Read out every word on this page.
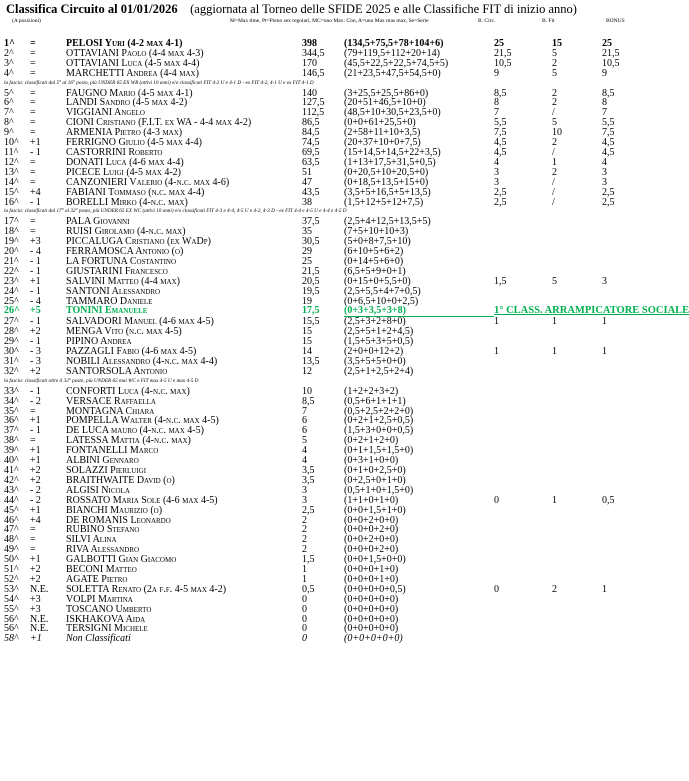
Classifica Circuito al 01/01/2026 (aggiornata al Torneo delle SFIDE 2025 e alle Classifiche FIT di inizio anno)
(A posizioni)	M=Max time, Pt=Pieno sex regolari, MC=uno Max: Con, A=uno Max mas max, Se=Serie	B. Circ.	B. Fit	BONUS
1^	=	PELOSI Yuri (4-2 max 4-1)	398	(134,5+75,5+78+104+6)	25	15	25
2^	=	OTTAVIANI Paolo (4-4 max 4-3)	344,5	(79+119,5+112+20+14)	21,5	5	21,5
3^	=	OTTAVIANI Luca (4-5 max 4-4)	170	(45,5+22,5+22,5+74,5+5)	10,5	2	10,5
4^	=	MARCHETTI Andrea (4-4 max)	146,5	(21+23,5+47,5+54,5+0)	9	5	9
la fascia: classificati dal 5° al 16° posto, più UNDER 65 EX WB (attivi 10 anni) e/o classificati FIT 4-2 U e 4-1 D - ex FIT 4-2, 4-1 U e ex FIT 4-1 D							
5^	=	FAUGNO Mario (4-5 max 4-1)	140	(3+25,5+25,5+86+0)	8,5	2	8,5
6^	=	LANDI Sandro (4-5 max 4-2)	127,5	(20+51+46,5+10+0)	8	2	8
7^	=	VIGGIANI Angelo	112,5	(48,5+10+30,5+23,5+0)	7	/	7
8^	=	CIONI Cristiano (F.I.T. ex WA - 4-4 max 4-2)	86,5	(0+0+61+25,5+0)	5,5	5	5,5
9^	=	ARMENIA Pietro (4-3 max)	84,5	(2+58+11+10+3,5)	7,5	10	7,5
10^	+1	FERRIGNO Giulio (4-5 max 4-4)	74,5	(20+37+10+0+7,5)	4,5	2	4,5
11^	- 1	CASTORRINI Roberto	69,5	(15+14,5+14,5+22+3,5)	4,5	/	4,5
12^	=	DONATI Luca (4-6 max 4-4)	63,5	(1+13+17,5+31,5+0,5)	4	1	4
13^	=	PICECE Luigi (4-5 max 4-2)	51	(0+20,5+10+20,5+0)	3	2	3
14^	=	CANZONIERI Valerio (4-n.c. max 4-6)	47	(0+18,5+13,5+15+0)	3	/	3
15^	+4	FABIANI Tommaso (n.c. max 4-4)	43,5	(3,5+5+16,5+5+13,5)	2,5	/	2,5
16^	- 1	BORELLI Mirko (4-n.c. max)	38	(1,5+12+5+12+7,5)	2,5	/	2,5
la fascia: classificati dal 17° al 32° posto, più UNDER 65 EX WC (attivi 10 anni) e/o classificati FIT 4-3 e 4-4, 4-5 U e 4-2, 4-3 D - ex FIT 4-4 e 4-5 U e 4-4 e 4-5 D							
17^	=	PALA Giovanni	37,5	(2,5+4+12,5+13,5+5)			
18^	=	RUISI Girolamo (4-n.c. max)	35	(7+5+10+10+3)			
19^	+3	PICCALUGA Cristiano (ex WaDp)	30,5	(5+0+8+7,5+10)			
20^	- 4	FERRAMOSCA Antonio (o)	29	(6+10+5+6+2)			
21^	- 1	LA FORTUNA Costantino	25	(0+14+5+6+0)			
22^	- 1	GIUSTARINI Francesco	21,5	(6,5+5+9+0+1)			
23^	+1	SALVINI Matteo (4-4 max)	20,5	(0+15+0+5,5+0)	1,5	5	3
24^	- 1	SANTONI Alessandro	19,5	(2,5+5,5+4+7+0,5)			
25^	- 4	TAMMARO Daniele	19	(0+6,5+10+0+2,5)			
26^	+5	TONINI Emanuele	17,5	(0+3+3,5+3+8)	1° CLASS. ARRAMPICATORE SOCIALE		
27^	- 1	SALVADORI Manuel (4-6 max 4-5)	15,5	(2,5+3+2+8+0)	1	1	1
28^	+2	MENGA Vito (n.c. max 4-5)	15	(2,5+5+1+2+4,5)			
29^	- 1	PIPINO Andrea	15	(1,5+5+3+5+0,5)			
30^	- 3	PAZZAGLI Fabio (4-6 max 4-5)	14	(2+0+0+12+2)	1	1	1
31^	- 3	NOBILI Alessandro (4-n.c. max 4-4)	13,5	(3,5+5+5+0+0)			
32^	+2	SANTORSOLA Antonio	12	(2,5+1+2,5+2+4)			
la fascia: classificati oltre il 32° posto, più UNDER 65 mai WC e FIT max 4-5 U e max 4-5 D							
33^	- 1	CONFORTI Luca (4-n.c. max)	10	(1+2+2+3+2)			
34^	- 2	VERSACE Raffaella	8,5	(0,5+6+1+1+1)			
35^	=	MONTAGNA Chiara	7	(0,5+2,5+2+2+0)			
36^	+1	POMPELLA Walter (4-n.c. max 4-5)	6	(0+2+1+2,5+0,5)			
37^	- 1	DE LUCA mauro (4-n.c. max 4-5)	6	(1,5+3+0+0+0,5)			
38^	=	LATESSA Mattia (4-n.c. max)	5	(0+2+1+2+0)			
39^	+1	FONTANELLI Marco	4	(0+1+1,5+1,5+0)			
40^	+1	ALBINI Gennaro	4	(0+3+1+0+0)			
41^	+2	SOLAZZI Pierluigi	3,5	(0+1+0+2,5+0)			
42^	+2	BRAITHWAITE David (o)	3,5	(0+2,5+0+1+0)			
43^	- 2	ALGISI Nicola	3	(0,5+1+0+1,5+0)			
44^	- 2	ROSSATO Maria Sole (4-6 max 4-5)	3	(1+1+0+1+0)	0	1	0,5
45^	+1	BIANCHI Maurizio (o)	2,5	(0+0+1,5+1+0)			
46^	+4	DE ROMANIS Leonardo	2	(0+0+2+0+0)			
47^	=	RUBINO Stefano	2	(0+0+0+2+0)			
48^	=	SILVI Alina	2	(0+0+2+0+0)			
49^	=	RIVA Alessandro	2	(0+0+0+2+0)			
50^	+1	GALBOTTI Gian Giacomo	1,5	(0+0+1,5+0+0)			
51^	+2	BECONI Matteo	1	(0+0+0+1+0)			
52^	+2	AGATE Pietro	1	(0+0+0+1+0)			
53^	N.E.	SOLETTA Renato (2a f.f. 4-5 max 4-2)	0,5	(0+0+0+0+0,5)	0	2	1
54^	+3	VOLPI Martina	0	(0+0+0+0+0)			
55^	+3	TOSCANO Umberto	0	(0+0+0+0+0)			
56^	N.E.	ISKHAKOVA Aida	0	(0+0+0+0+0)			
56^	N.E.	TERSIGNI Michele	0	(0+0+0+0+0)			
58^	+1	Non Classificati	0	(0+0+0+0+0)			
